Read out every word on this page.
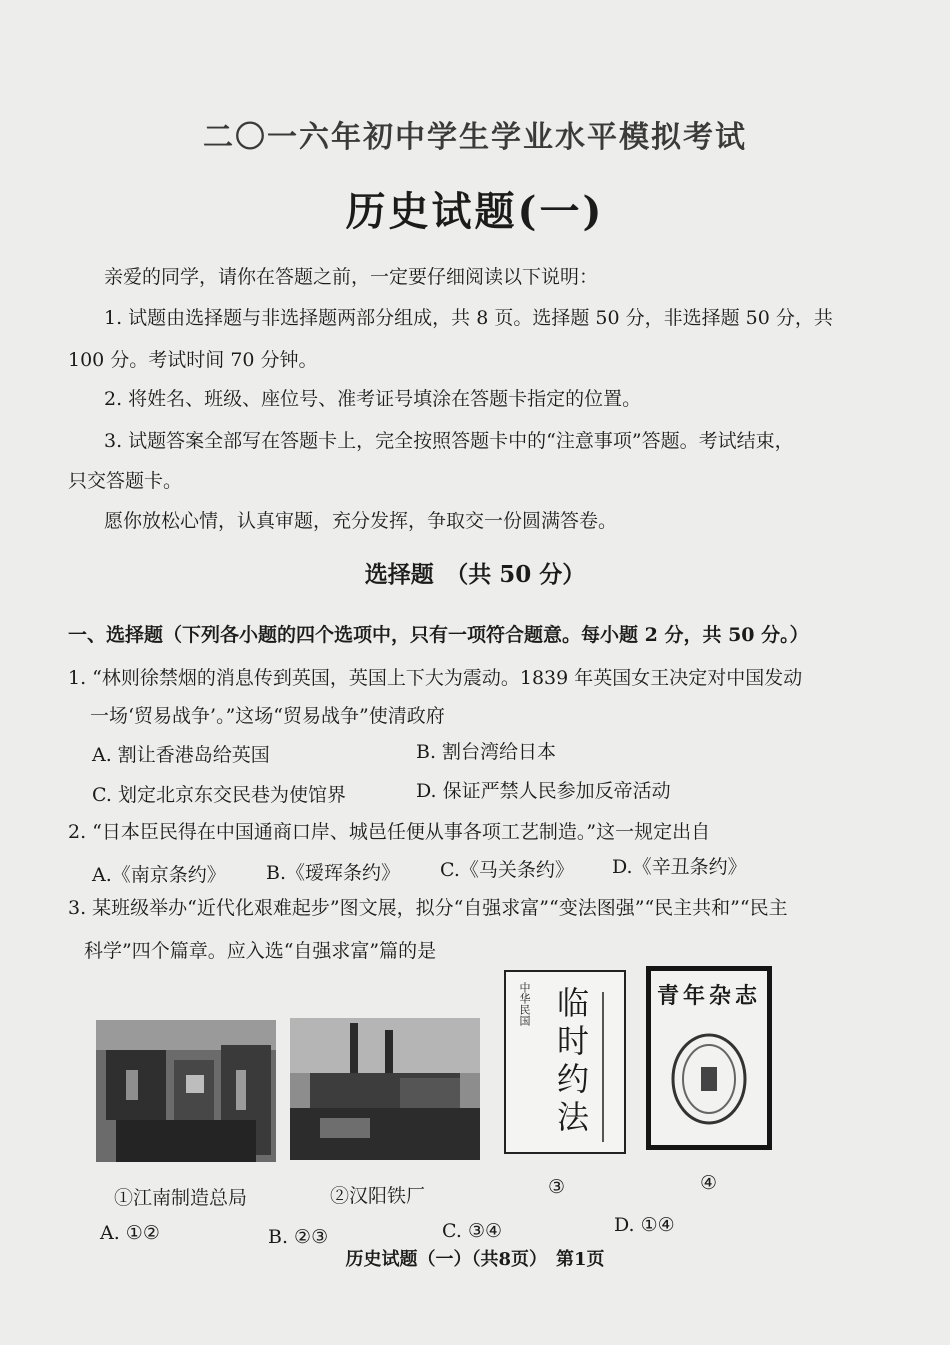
二〇一六年初中学生学业水平模拟考试
历史试题(一)
亲爱的同学，请你在答题之前，一定要仔细阅读以下说明：
1. 试题由选择题与非选择题两部分组成，共 8 页。选择题 50 分，非选择题 50 分，共
100 分。考试时间 70 分钟。
2. 将姓名、班级、座位号、准考证号填涂在答题卡指定的位置。
3. 试题答案全部写在答题卡上，完全按照答题卡中的“注意事项”答题。考试结束，
只交答题卡。
愿你放松心情，认真审题，充分发挥，争取交一份圆满答卷。
选择题　（共 50 分）
一、选择题（下列各小题的四个选项中，只有一项符合题意。每小题 2 分，共 50 分。）
1. “林则徐禁烟的消息传到英国，英国上下大为震动。1839 年英国女王决定对中国发动
一场‘贸易战争’。”这场“贸易战争”使清政府
A. 割让香港岛给英国	B. 割台湾给日本
C. 划定北京东交民巷为使馆界	D. 保证严禁人民参加反帝活动
2. “日本臣民得在中国通商口岸、城邑任便从事各项工艺制造。”这一规定出自
A.《南京条约》 B.《瑷珲条约》 C.《马关条约》 D.《辛丑条约》
3. 某班级举办“近代化艰难起步”图文展，拟分“自强求富”“变法图强”“民主共和”“民主
科学”四个篇章。应入选“自强求富”篇的是
中华民国 临时约法	青年杂志
①江南制造总局	②汉阳铁厂	③	④
A. ①②	B. ②③	C. ③④	D. ①④
历史试题（一）（共8页）　第1页
